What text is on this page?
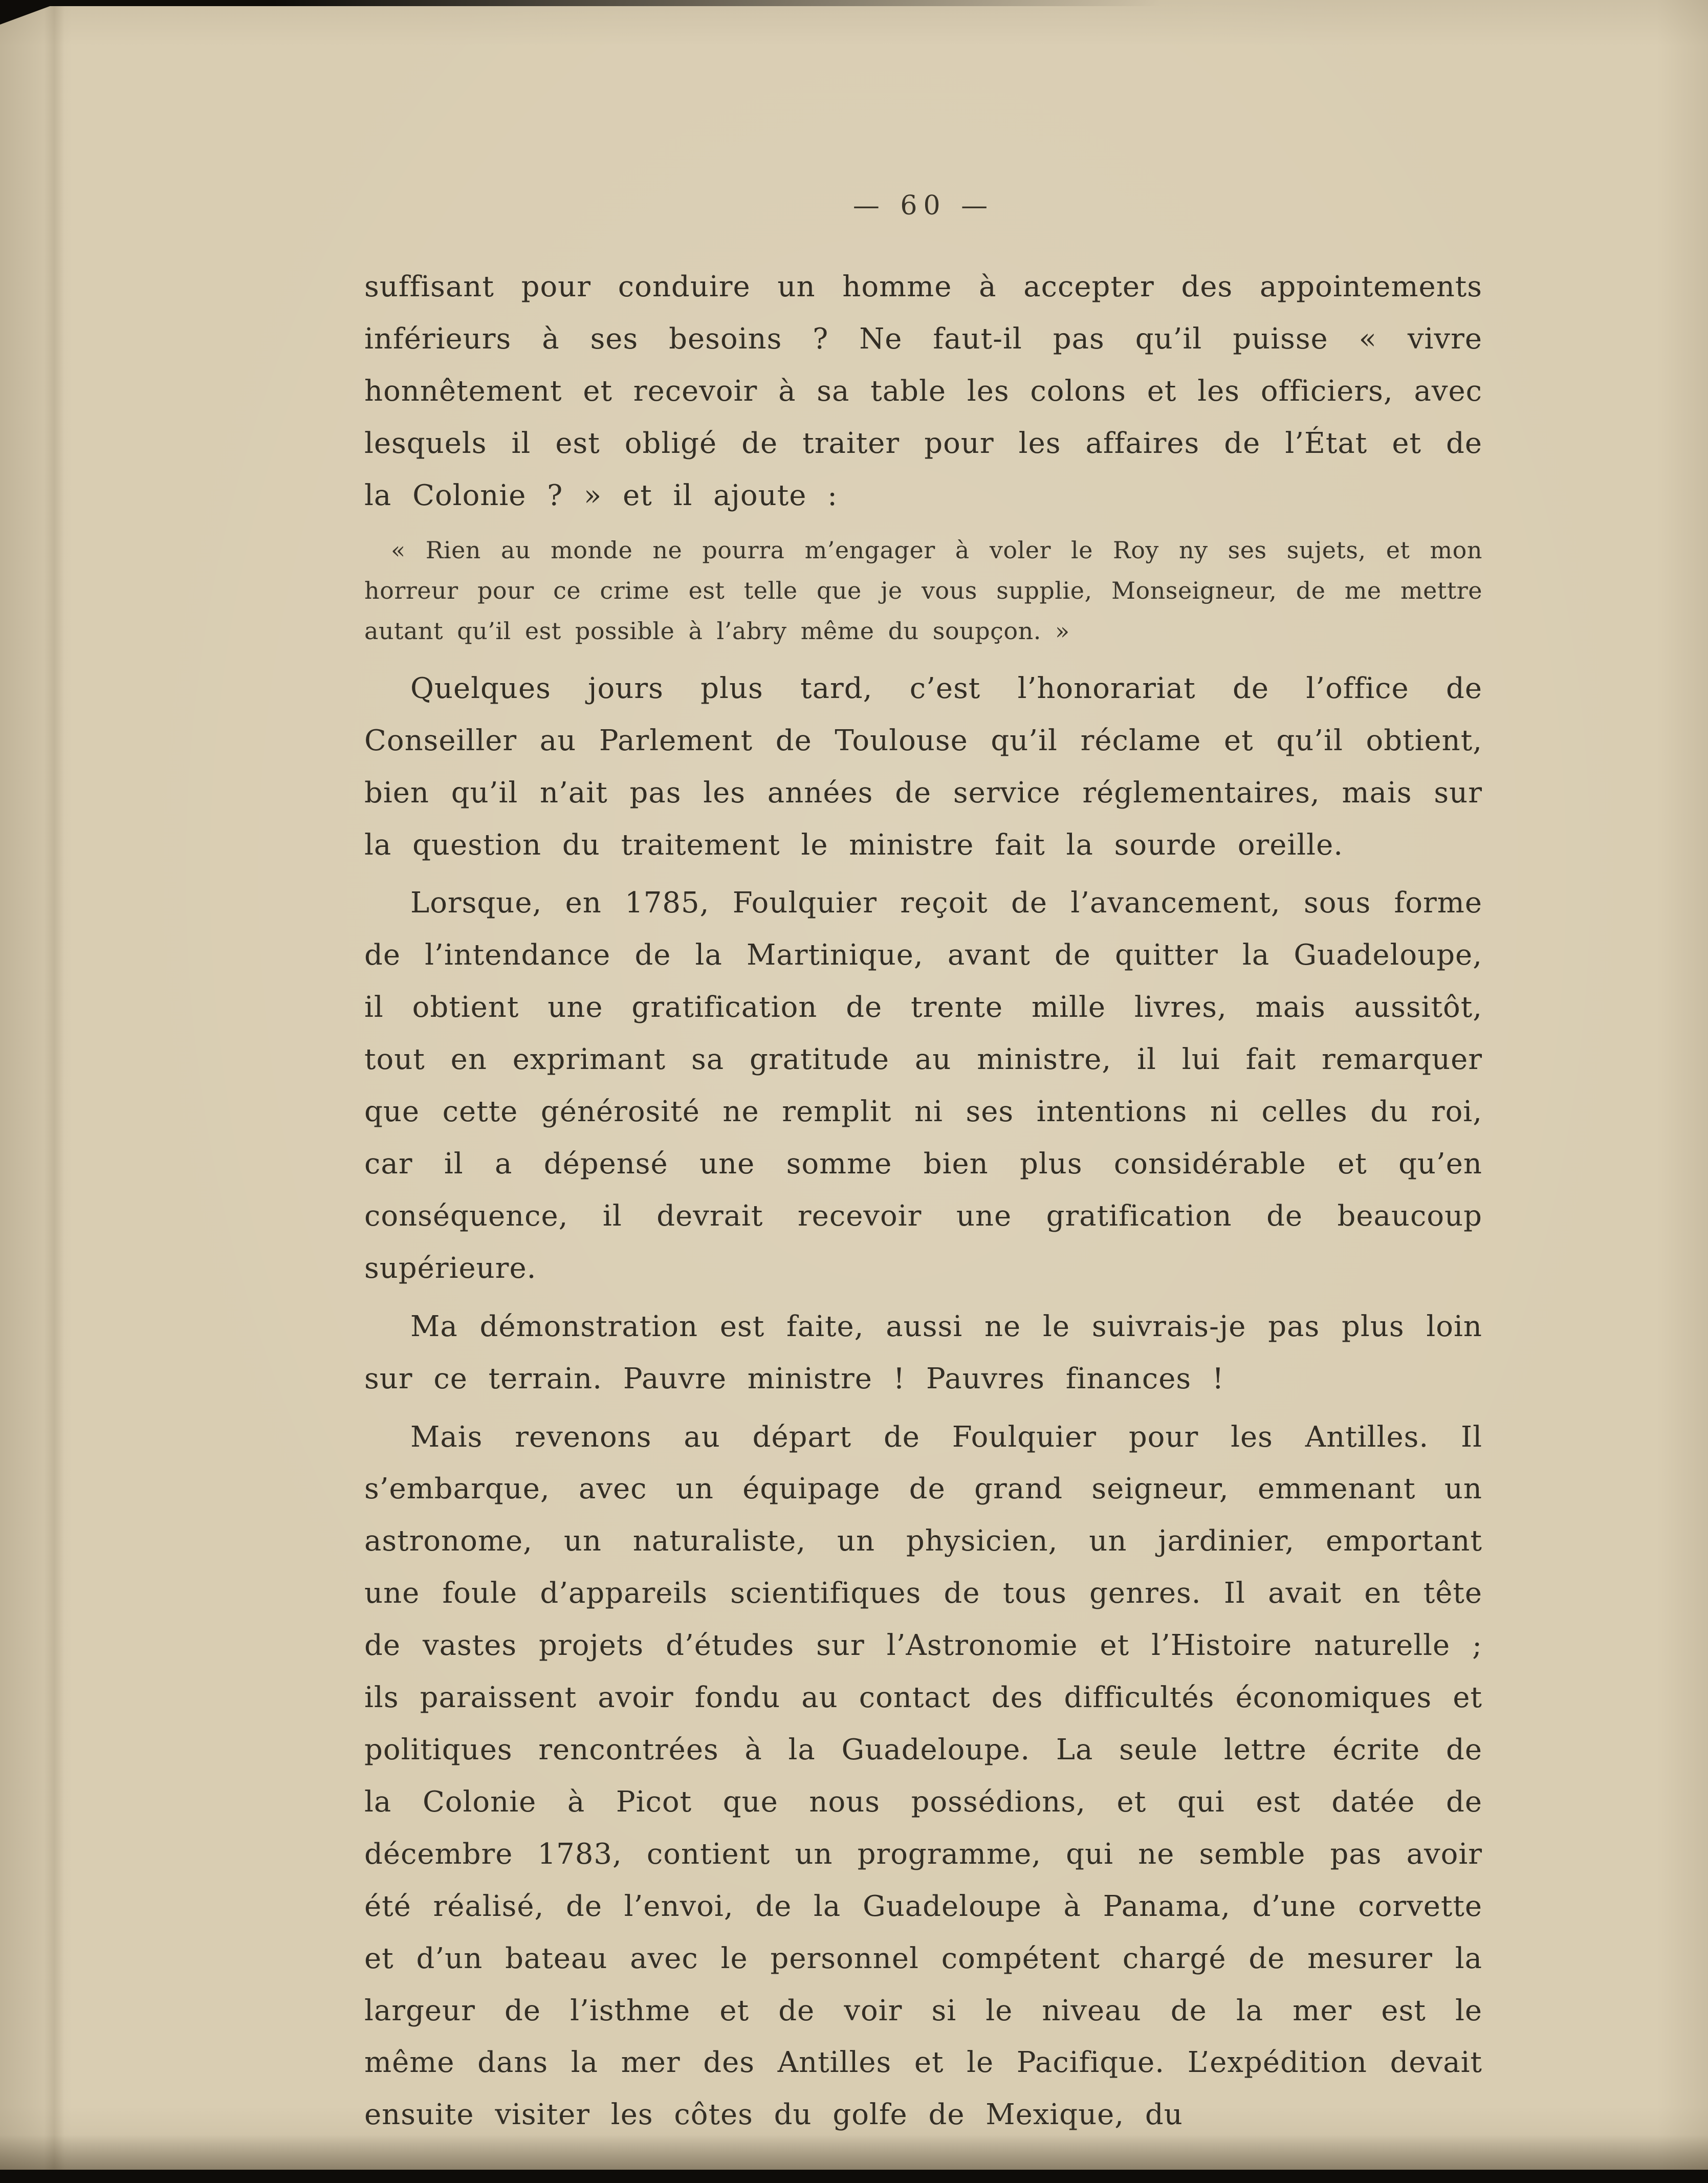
— 60 —

suffisant pour conduire un homme à accepter des appointements inférieurs à ses besoins ? Ne faut-il pas qu’il puisse « vivre honnêtement et recevoir à sa table les colons et les officiers, avec lesquels il est obligé de traiter pour les affaires de l’État et de la Colonie ? » et il ajoute :

« Rien au monde ne pourra m’engager à voler le Roy ny ses sujets, et mon horreur pour ce crime est telle que je vous supplie, Monseigneur, de me mettre autant qu’il est possible à l’abry même du soupçon. »

Quelques jours plus tard, c’est l’honorariat de l’office de Conseiller au Parlement de Toulouse qu’il réclame et qu’il obtient, bien qu’il n’ait pas les années de service réglementaires, mais sur la question du traitement le ministre fait la sourde oreille.

Lorsque, en 1785, Foulquier reçoit de l’avancement, sous forme de l’intendance de la Martinique, avant de quitter la Guadeloupe, il obtient une gratification de trente mille livres, mais aussitôt, tout en exprimant sa gratitude au ministre, il lui fait remarquer que cette générosité ne remplit ni ses intentions ni celles du roi, car il a dépensé une somme bien plus considérable et qu’en conséquence, il devrait recevoir une gratification de beaucoup supérieure.

Ma démonstration est faite, aussi ne le suivrais-je pas plus loin sur ce terrain. Pauvre ministre ! Pauvres finances !

Mais revenons au départ de Foulquier pour les Antilles. Il s’embarque, avec un équipage de grand seigneur, emmenant un astronome, un naturaliste, un physicien, un jardinier, emportant une foule d’appareils scientifiques de tous genres. Il avait en tête de vastes projets d’études sur l’Astronomie et l’Histoire naturelle ; ils paraissent avoir fondu au contact des difficultés économiques et politiques rencontrées à la Guadeloupe. La seule lettre écrite de la Colonie à Picot que nous possédions, et qui est datée de décembre 1783, contient un programme, qui ne semble pas avoir été réalisé, de l’envoi, de la Guadeloupe à Panama, d’une corvette et d’un bateau avec le personnel compétent chargé de mesurer la largeur de l’isthme et de voir si le niveau de la mer est le même dans la mer des Antilles et le Pacifique. L’expédition devait ensuite visiter les côtes du golfe de Mexique, du
